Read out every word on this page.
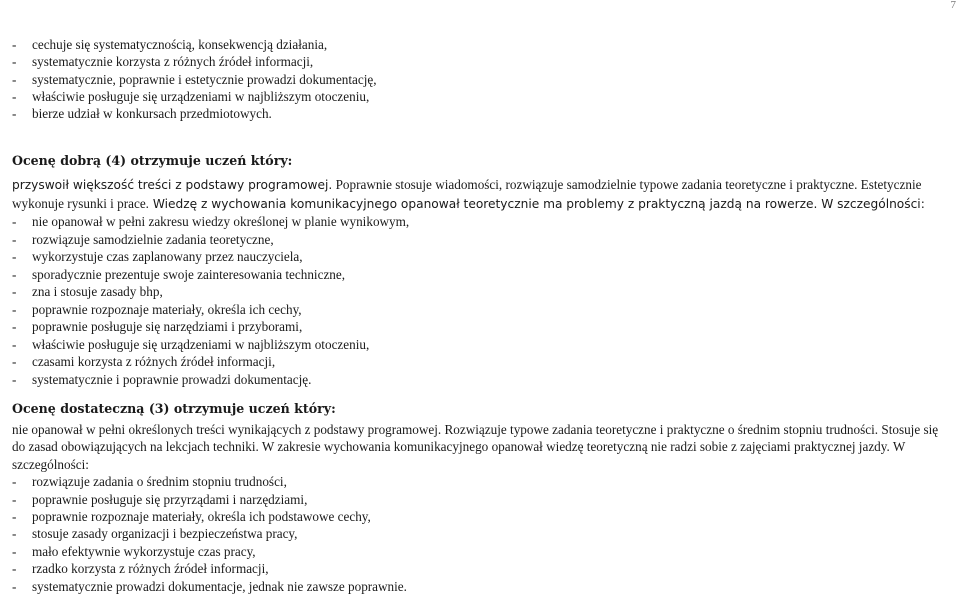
7
- cechuje się systematycznością, konsekwencją działania,
- systematycznie korzysta z różnych źródeł informacji,
- systematycznie, poprawnie i estetycznie prowadzi dokumentację,
- właściwie posługuje się urządzeniami w najbliższym otoczeniu,
- bierze udział w konkursach przedmiotowych.
Ocenę dobrą (4) otrzymuje uczeń który:
przyswoił większość treści z podstawy programowej. Poprawnie stosuje wiadomości, rozwiązuje samodzielnie typowe zadania teoretyczne i praktyczne. Estetycznie wykonuje rysunki i prace. Wiedzę z wychowania komunikacyjnego opanował teoretycznie ma problemy z praktyczną jazdą na rowerze. W szczególności:
- nie opanował w pełni zakresu wiedzy określonej w planie wynikowym,
- rozwiązuje samodzielnie zadania teoretyczne,
- wykorzystuje czas zaplanowany przez nauczyciela,
- sporadycznie prezentuje swoje zainteresowania techniczne,
- zna i stosuje zasady bhp,
- poprawnie rozpoznaje materiały, określa ich cechy,
- poprawnie posługuje się narzędziami i przyborami,
- właściwie posługuje się urządzeniami w najbliższym otoczeniu,
- czasami korzysta z różnych źródeł informacji,
- systematycznie i poprawnie prowadzi dokumentację.
Ocenę dostateczną (3) otrzymuje uczeń który:
nie opanował w pełni określonych treści wynikających z podstawy programowej. Rozwiązuje typowe zadania teoretyczne i praktyczne o średnim stopniu trudności. Stosuje się do zasad obowiązujących na lekcjach techniki. W zakresie wychowania komunikacyjnego opanował wiedzę teoretyczną nie radzi sobie z zajęciami praktycznej jazdy. W szczególności:
- rozwiązuje zadania o średnim stopniu trudności,
- poprawnie posługuje się przyrządami i narzędziami,
- poprawnie rozpoznaje materiały, określa ich podstawowe cechy,
- stosuje zasady organizacji i bezpieczeństwa pracy,
- mało efektywnie wykorzystuje czas pracy,
- rzadko korzysta z różnych źródeł informacji,
- systematycznie prowadzi dokumentacje, jednak nie zawsze poprawnie.
